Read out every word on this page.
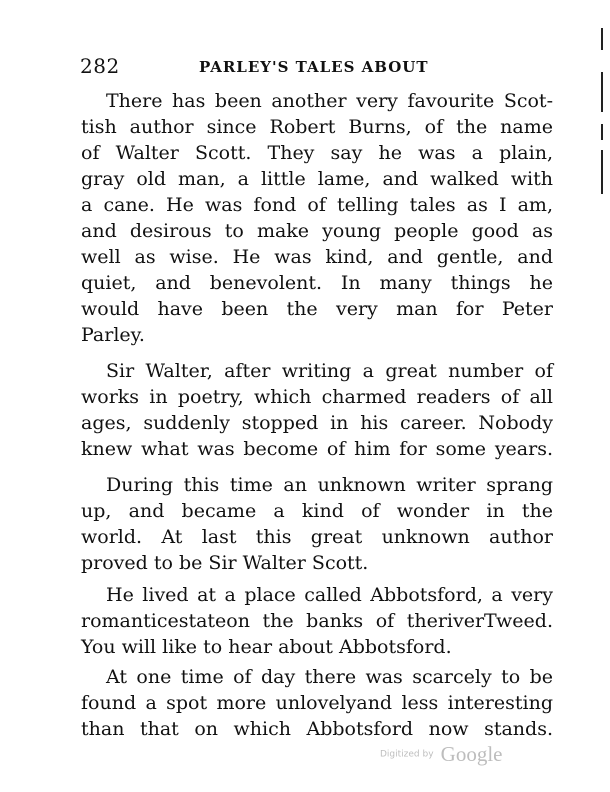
282	PARLEY'S TALES ABOUT
There has been another very favourite Scot-
tish author since Robert Burns, of the name
of Walter Scott. They say he was a plain,
gray old man, a little lame, and walked with
a cane. He was fond of telling tales as I am,
and desirous to make young people good as
well as wise. He was kind, and gentle, and
quiet, and benevolent. In many things he
would have been the very man for Peter
Parley.
Sir Walter, after writing a great number of
works in poetry, which charmed readers of all
ages, suddenly stopped in his career. Nobody
knew what was become of him for some years.
During this time an unknown writer sprang
up, and became a kind of wonder in the
world. At last this great unknown author
proved to be Sir Walter Scott.
He lived at a place called Abbotsford, a very
romanticestateon the banks of theriverTweed.
You will like to hear about Abbotsford.
At one time of day there was scarcely to be
found a spot more unlovelyand less interesting
than that on which Abbotsford now stands.
Digitized by Google
